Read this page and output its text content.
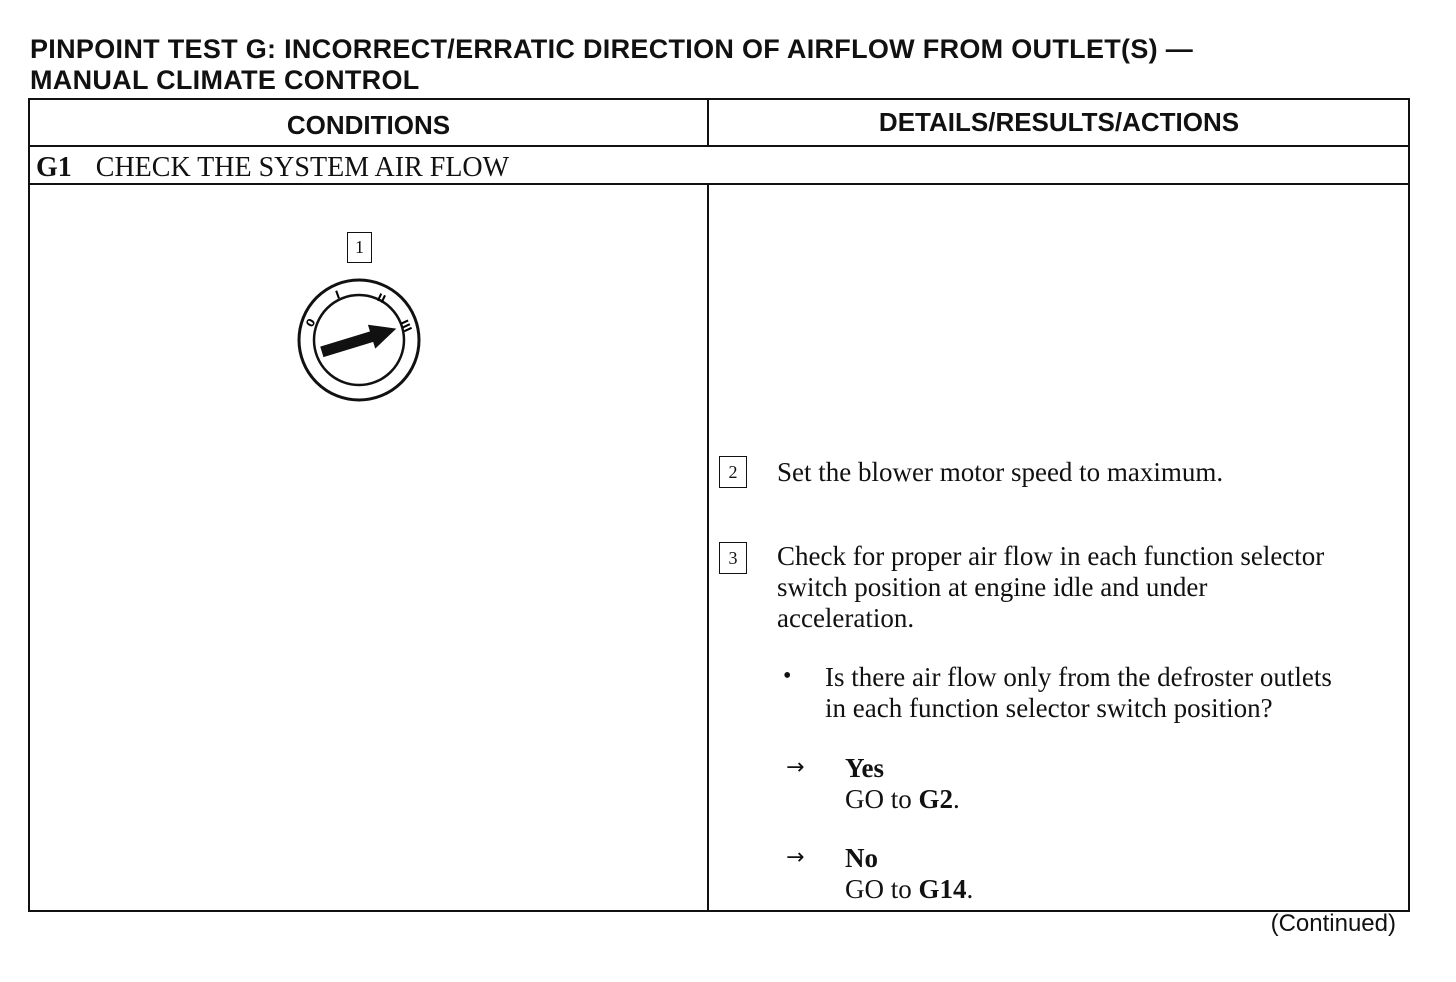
PINPOINT TEST G: INCORRECT/ERRATIC DIRECTION OF AIRFLOW FROM OUTLET(S) —
MANUAL CLIMATE CONTROL
CONDITIONS	DETAILS/RESULTS/ACTIONS
G1 CHECK THE SYSTEM AIR FLOW
1
0
I	II
III
2	Set the blower motor speed to maximum.
3	Check for proper air flow in each function selector
switch position at engine idle and under
acceleration.
• Is there air flow only from the defroster outlets
in each function selector switch position?
→ Yes
GO to G2.
→ No
GO to G14.
(Continued)
